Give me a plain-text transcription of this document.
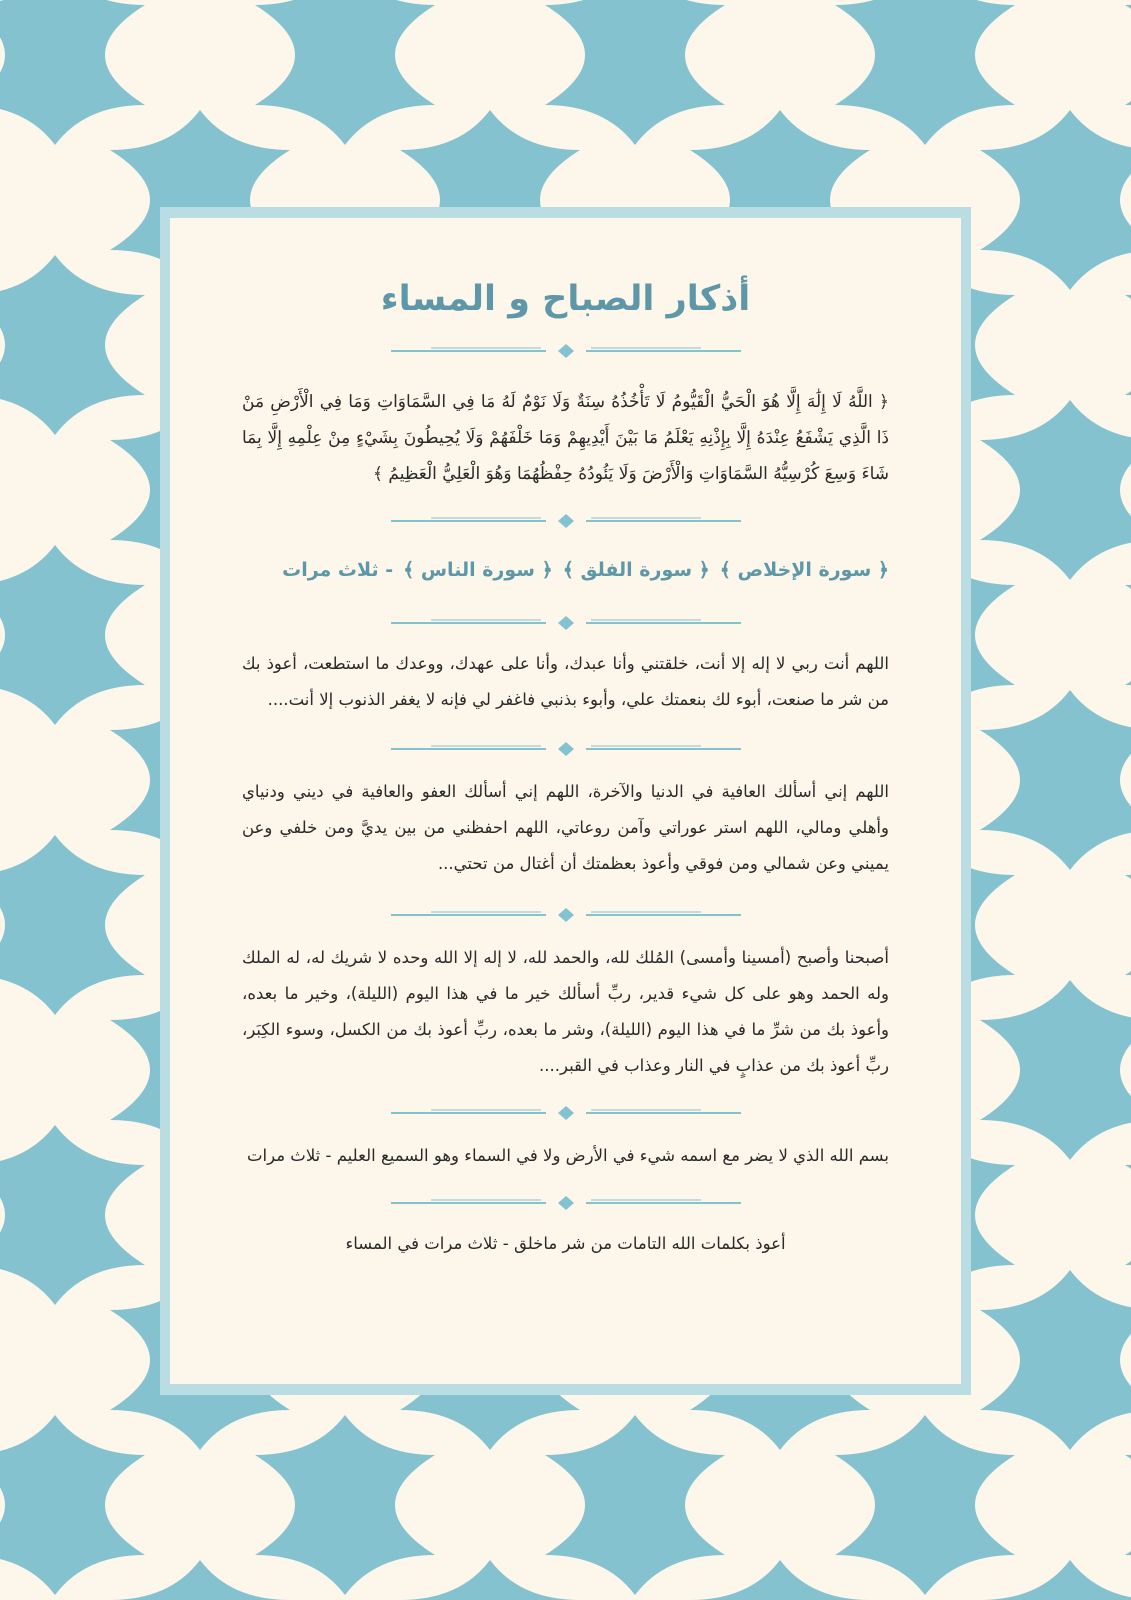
أذكار الصباح و المساء
﴿ اللَّهُ لَا إِلَٰهَ إِلَّا هُوَ الْحَيُّ الْقَيُّومُ لَا تَأْخُذُهُ سِنَةٌ وَلَا نَوْمٌ لَهُ مَا فِي السَّمَاوَاتِ وَمَا فِي الْأَرْضِ مَنْ ذَا الَّذِي يَشْفَعُ عِنْدَهُ إِلَّا بِإِذْنِهِ يَعْلَمُ مَا بَيْنَ أَيْدِيهِمْ وَمَا خَلْفَهُمْ وَلَا يُحِيطُونَ بِشَيْءٍ مِنْ عِلْمِهِ إِلَّا بِمَا شَاءَ وَسِعَ كُرْسِيُّهُ السَّمَاوَاتِ وَالْأَرْضَ وَلَا يَئُودُهُ حِفْظُهُمَا وَهُوَ الْعَلِيُّ الْعَظِيمُ ﴾
﴿ سورة الإخلاص ﴾
﴿ سورة الفلق ﴾
﴿ سورة الناس ﴾
- ثلاث مرات
اللهم أنت ربي لا إله إلا أنت، خلقتني وأنا عبدك، وأنا على عهدك، ووعدك ما استطعت، أعوذ بك من شر ما صنعت، أبوء لك بنعمتك علي، وأبوء بذنبي فاغفر لي فإنه لا يغفر الذنوب إلا أنت....
اللهم إني أسألك العافية في الدنيا والآخرة، اللهم إني أسألك العفو والعافية في ديني ودنياي وأهلي ومالي، اللهم استر عوراتي وآمن روعاتي، اللهم احفظني من بين يديَّ ومن خلفي وعن يميني وعن شمالي ومن فوقي وأعوذ بعظمتك أن أغتال من تحتي...
أصبحنا وأصبح (أمسينا وأمسى) المُلك لله، والحمد لله، لا إله إلا الله وحده لا شريك له، له الملك وله الحمد وهو على كل شيء قدير، ربِّ أسألك خير ما في هذا اليوم (الليلة)، وخير ما بعده، وأعوذ بك من شرِّ ما في هذا اليوم (الليلة)، وشر ما بعده، ربِّ أعوذ بك من الكسل، وسوء الكِبَر، ربِّ أعوذ بك من عذابٍ في النار وعذاب في القبر....
بسم الله الذي لا يضر مع اسمه شيء في الأرض ولا في السماء وهو السميع العليم - ثلاث مرات
أعوذ بكلمات الله التامات من شر ماخلق - ثلاث مرات في المساء
